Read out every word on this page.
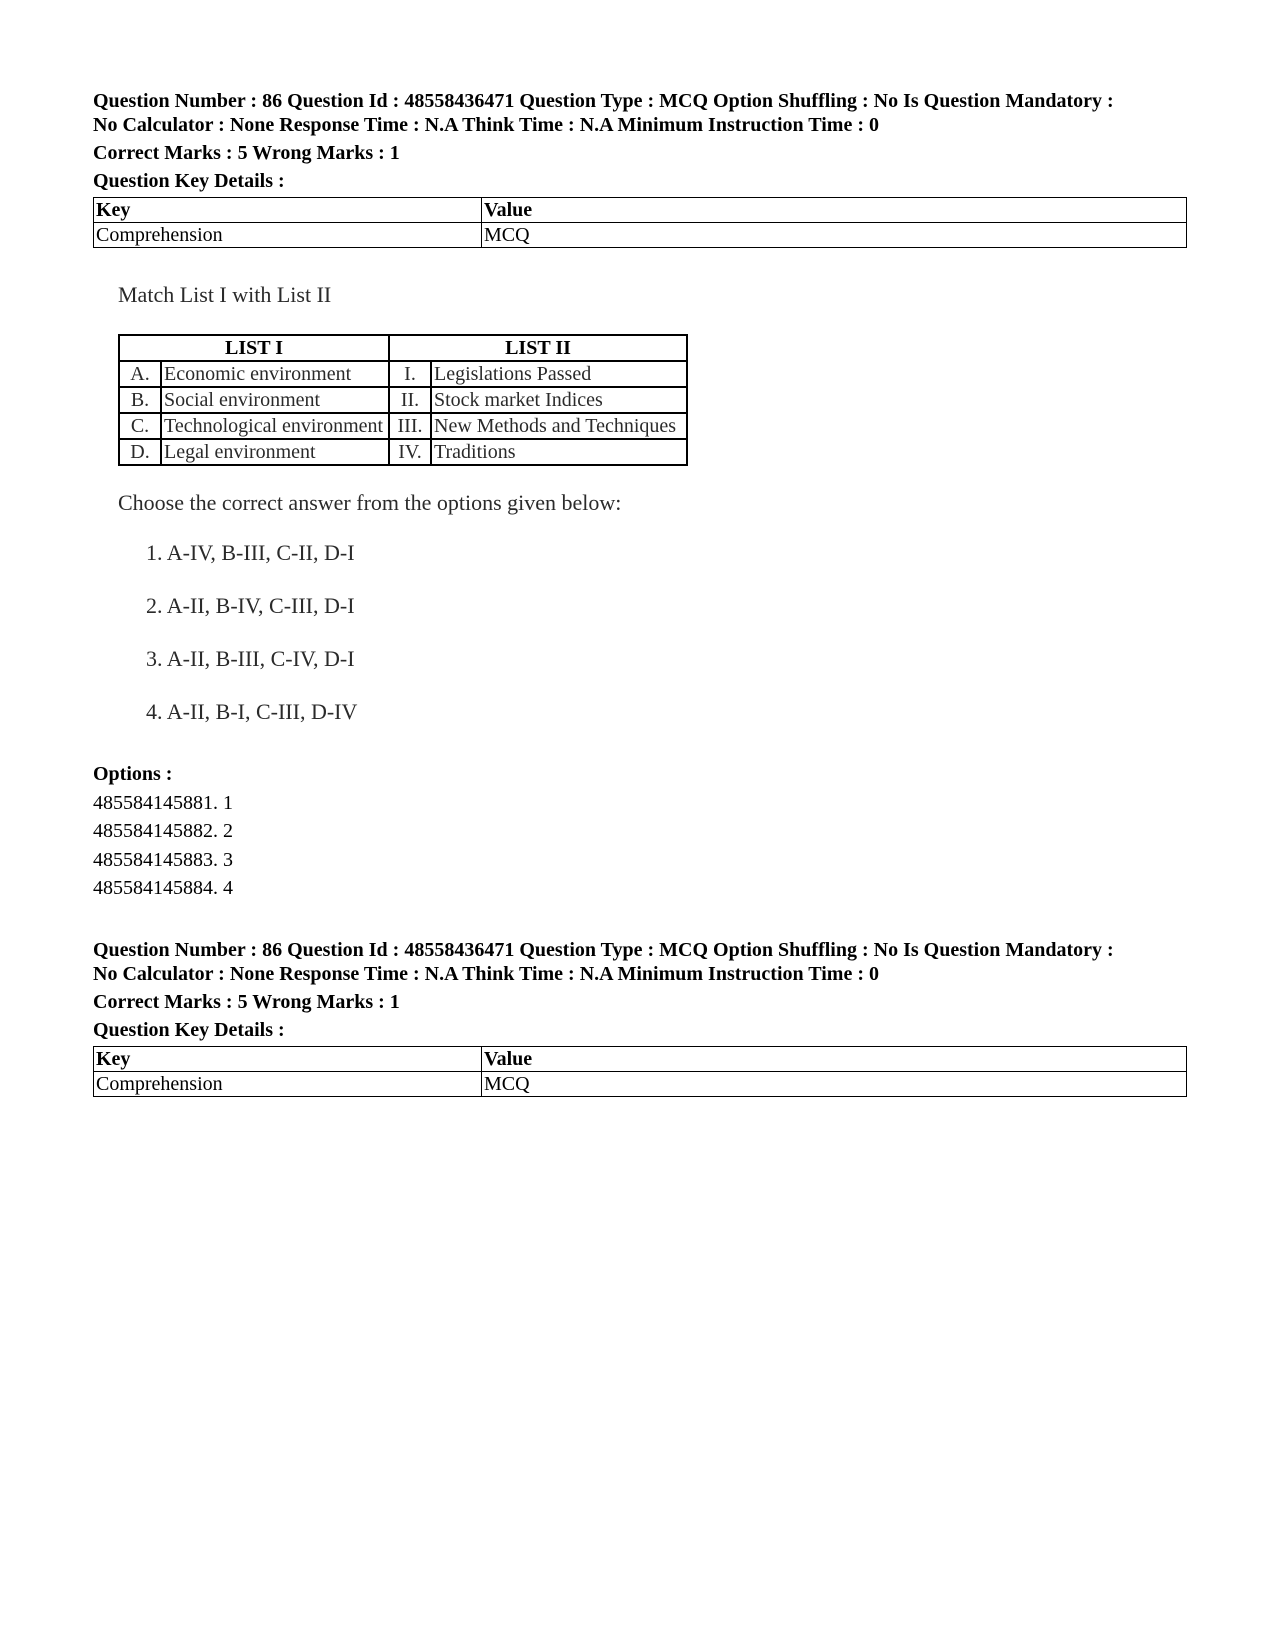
Question Number : 86 Question Id : 48558436471 Question Type : MCQ Option Shuffling : No Is Question Mandatory :

No Calculator : None Response Time : N.A Think Time : N.A Minimum Instruction Time : 0

Correct Marks : 5 Wrong Marks : 1

Question Key Details :

Key	Value
Comprehension	MCQ

Match List I with List II

LIST I		LIST II	
A.	Economic environment	I.	Legislations Passed
B.	Social environment	II.	Stock market Indices
C.	Technological environment	III.	New Methods and Techniques
D.	Legal environment	IV.	Traditions

Choose the correct answer from the options given below:

1. A-IV, B-III, C-II, D-I
2. A-II, B-IV, C-III, D-I
3. A-II, B-III, C-IV, D-I
4. A-II, B-I, C-III, D-IV
Options :
485584145881. 1
485584145882. 2
485584145883. 3
485584145884. 4

Question Number : 86 Question Id : 48558436471 Question Type : MCQ Option Shuffling : No Is Question Mandatory :

No Calculator : None Response Time : N.A Think Time : N.A Minimum Instruction Time : 0

Correct Marks : 5 Wrong Marks : 1

Question Key Details :

Key	Value
Comprehension	MCQ
